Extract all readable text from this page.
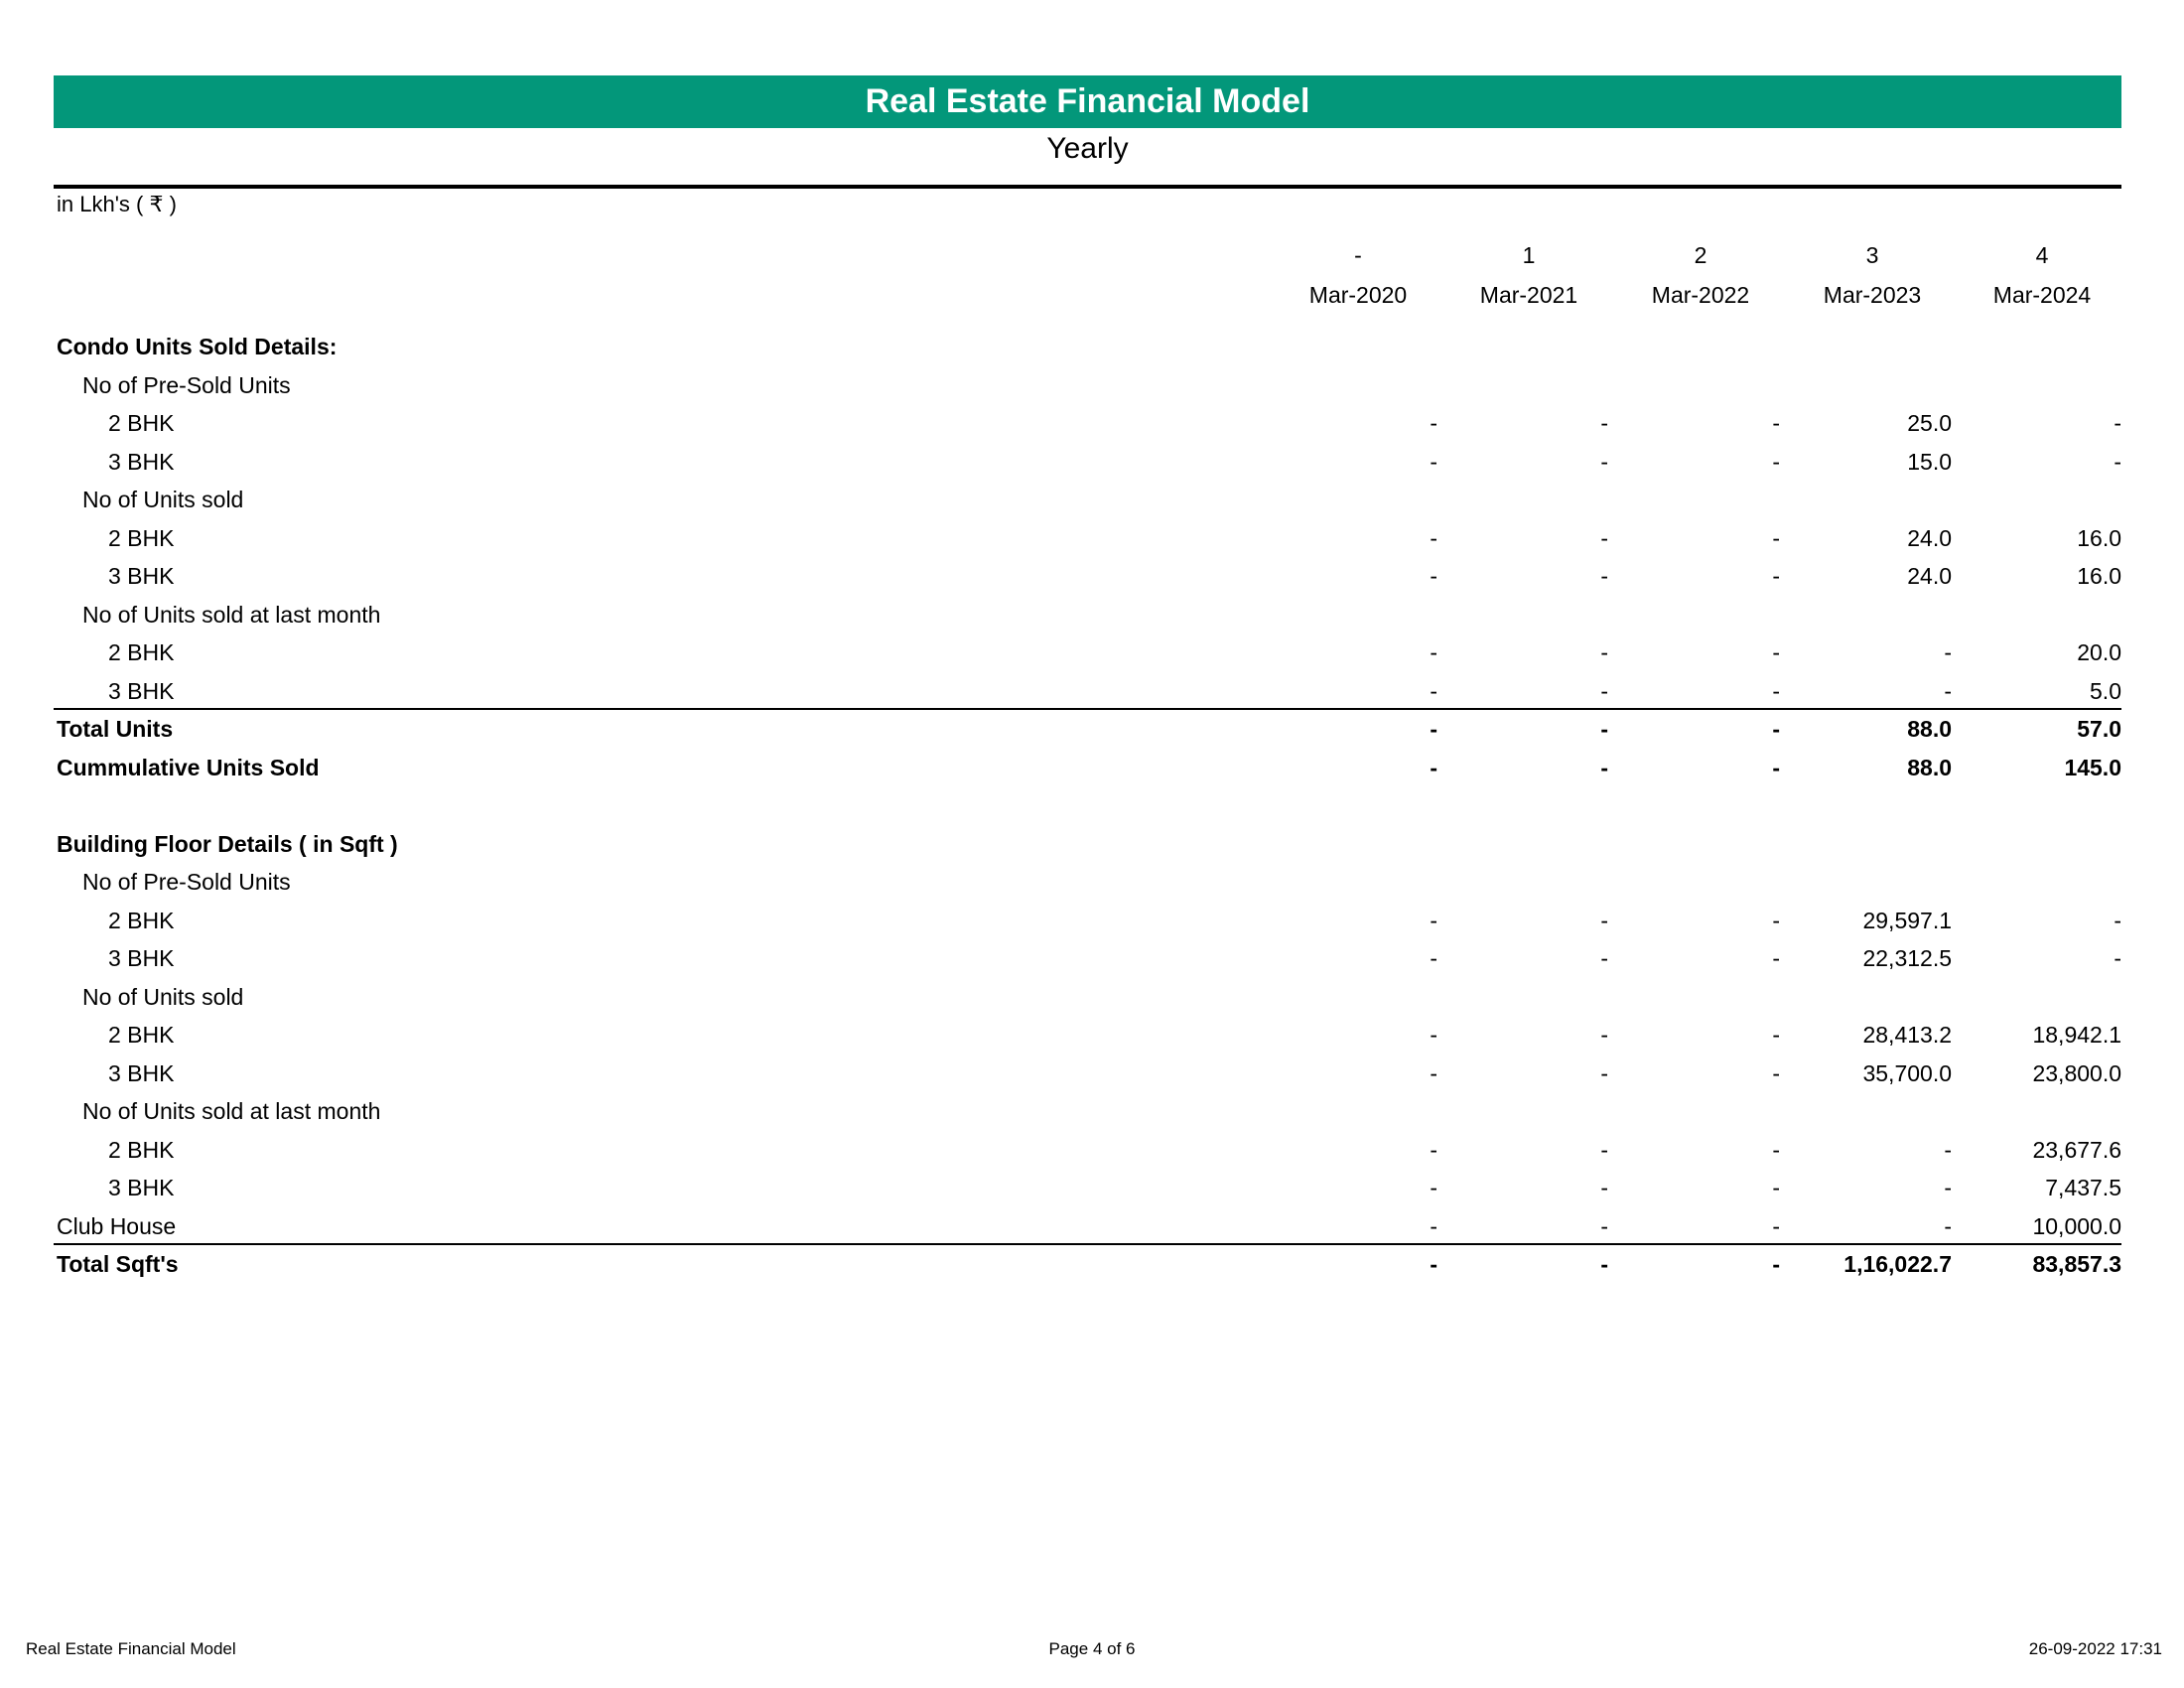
Real Estate Financial Model
Yearly
in Lkh's ( ₹ )
-	1	2	3	4
Mar-2020	Mar-2021	Mar-2022	Mar-2023	Mar-2024
Condo Units Sold Details:
No of Pre-Sold Units
2 BHK	-	-	-	25.0	-
3 BHK	-	-	-	15.0	-
No of Units sold
2 BHK	-	-	-	24.0	16.0
3 BHK	-	-	-	24.0	16.0
No of Units sold at last month
2 BHK	-	-	-	-	20.0
3 BHK	-	-	-	-	5.0
Total Units	-	-	-	88.0	57.0
Cummulative Units Sold	-	-	-	88.0	145.0
Building Floor Details ( in Sqft )
No of Pre-Sold Units
2 BHK	-	-	-	29,597.1	-
3 BHK	-	-	-	22,312.5	-
No of Units sold
2 BHK	-	-	-	28,413.2	18,942.1
3 BHK	-	-	-	35,700.0	23,800.0
No of Units sold at last month
2 BHK	-	-	-	-	23,677.6
3 BHK	-	-	-	-	7,437.5
Club House	-	-	-	-	10,000.0
Total Sqft's	-	-	-	1,16,022.7	83,857.3
Real Estate Financial Model	Page 4 of 6	26-09-2022 17:31
